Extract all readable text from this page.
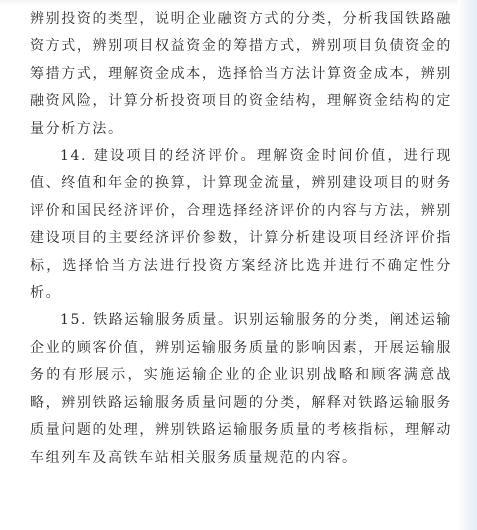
辨别投资的类型，说明企业融资方式的分类，分析我国铁路融资方式，辨别项目权益资金的筹措方式，辨别项目负债资金的筹措方式，理解资金成本，选择恰当方法计算资金成本，辨别融资风险，计算分析投资项目的资金结构，理解资金结构的定量分析方法。

14. 建设项目的经济评价。理解资金时间价值，进行现值、终值和年金的换算，计算现金流量，辨别建设项目的财务评价和国民经济评价，合理选择经济评价的内容与方法，辨别建设项目的主要经济评价参数，计算分析建设项目经济评价指标，选择恰当方法进行投资方案经济比选并进行不确定性分析。

15. 铁路运输服务质量。识别运输服务的分类，阐述运输企业的顾客价值，辨别运输服务质量的影响因素，开展运输服务的有形展示，实施运输企业的企业识别战略和顾客满意战略，辨别铁路运输服务质量问题的分类，解释对铁路运输服务质量问题的处理，辨别铁路运输服务质量的考核指标，理解动车组列车及高铁车站相关服务质量规范的内容。
